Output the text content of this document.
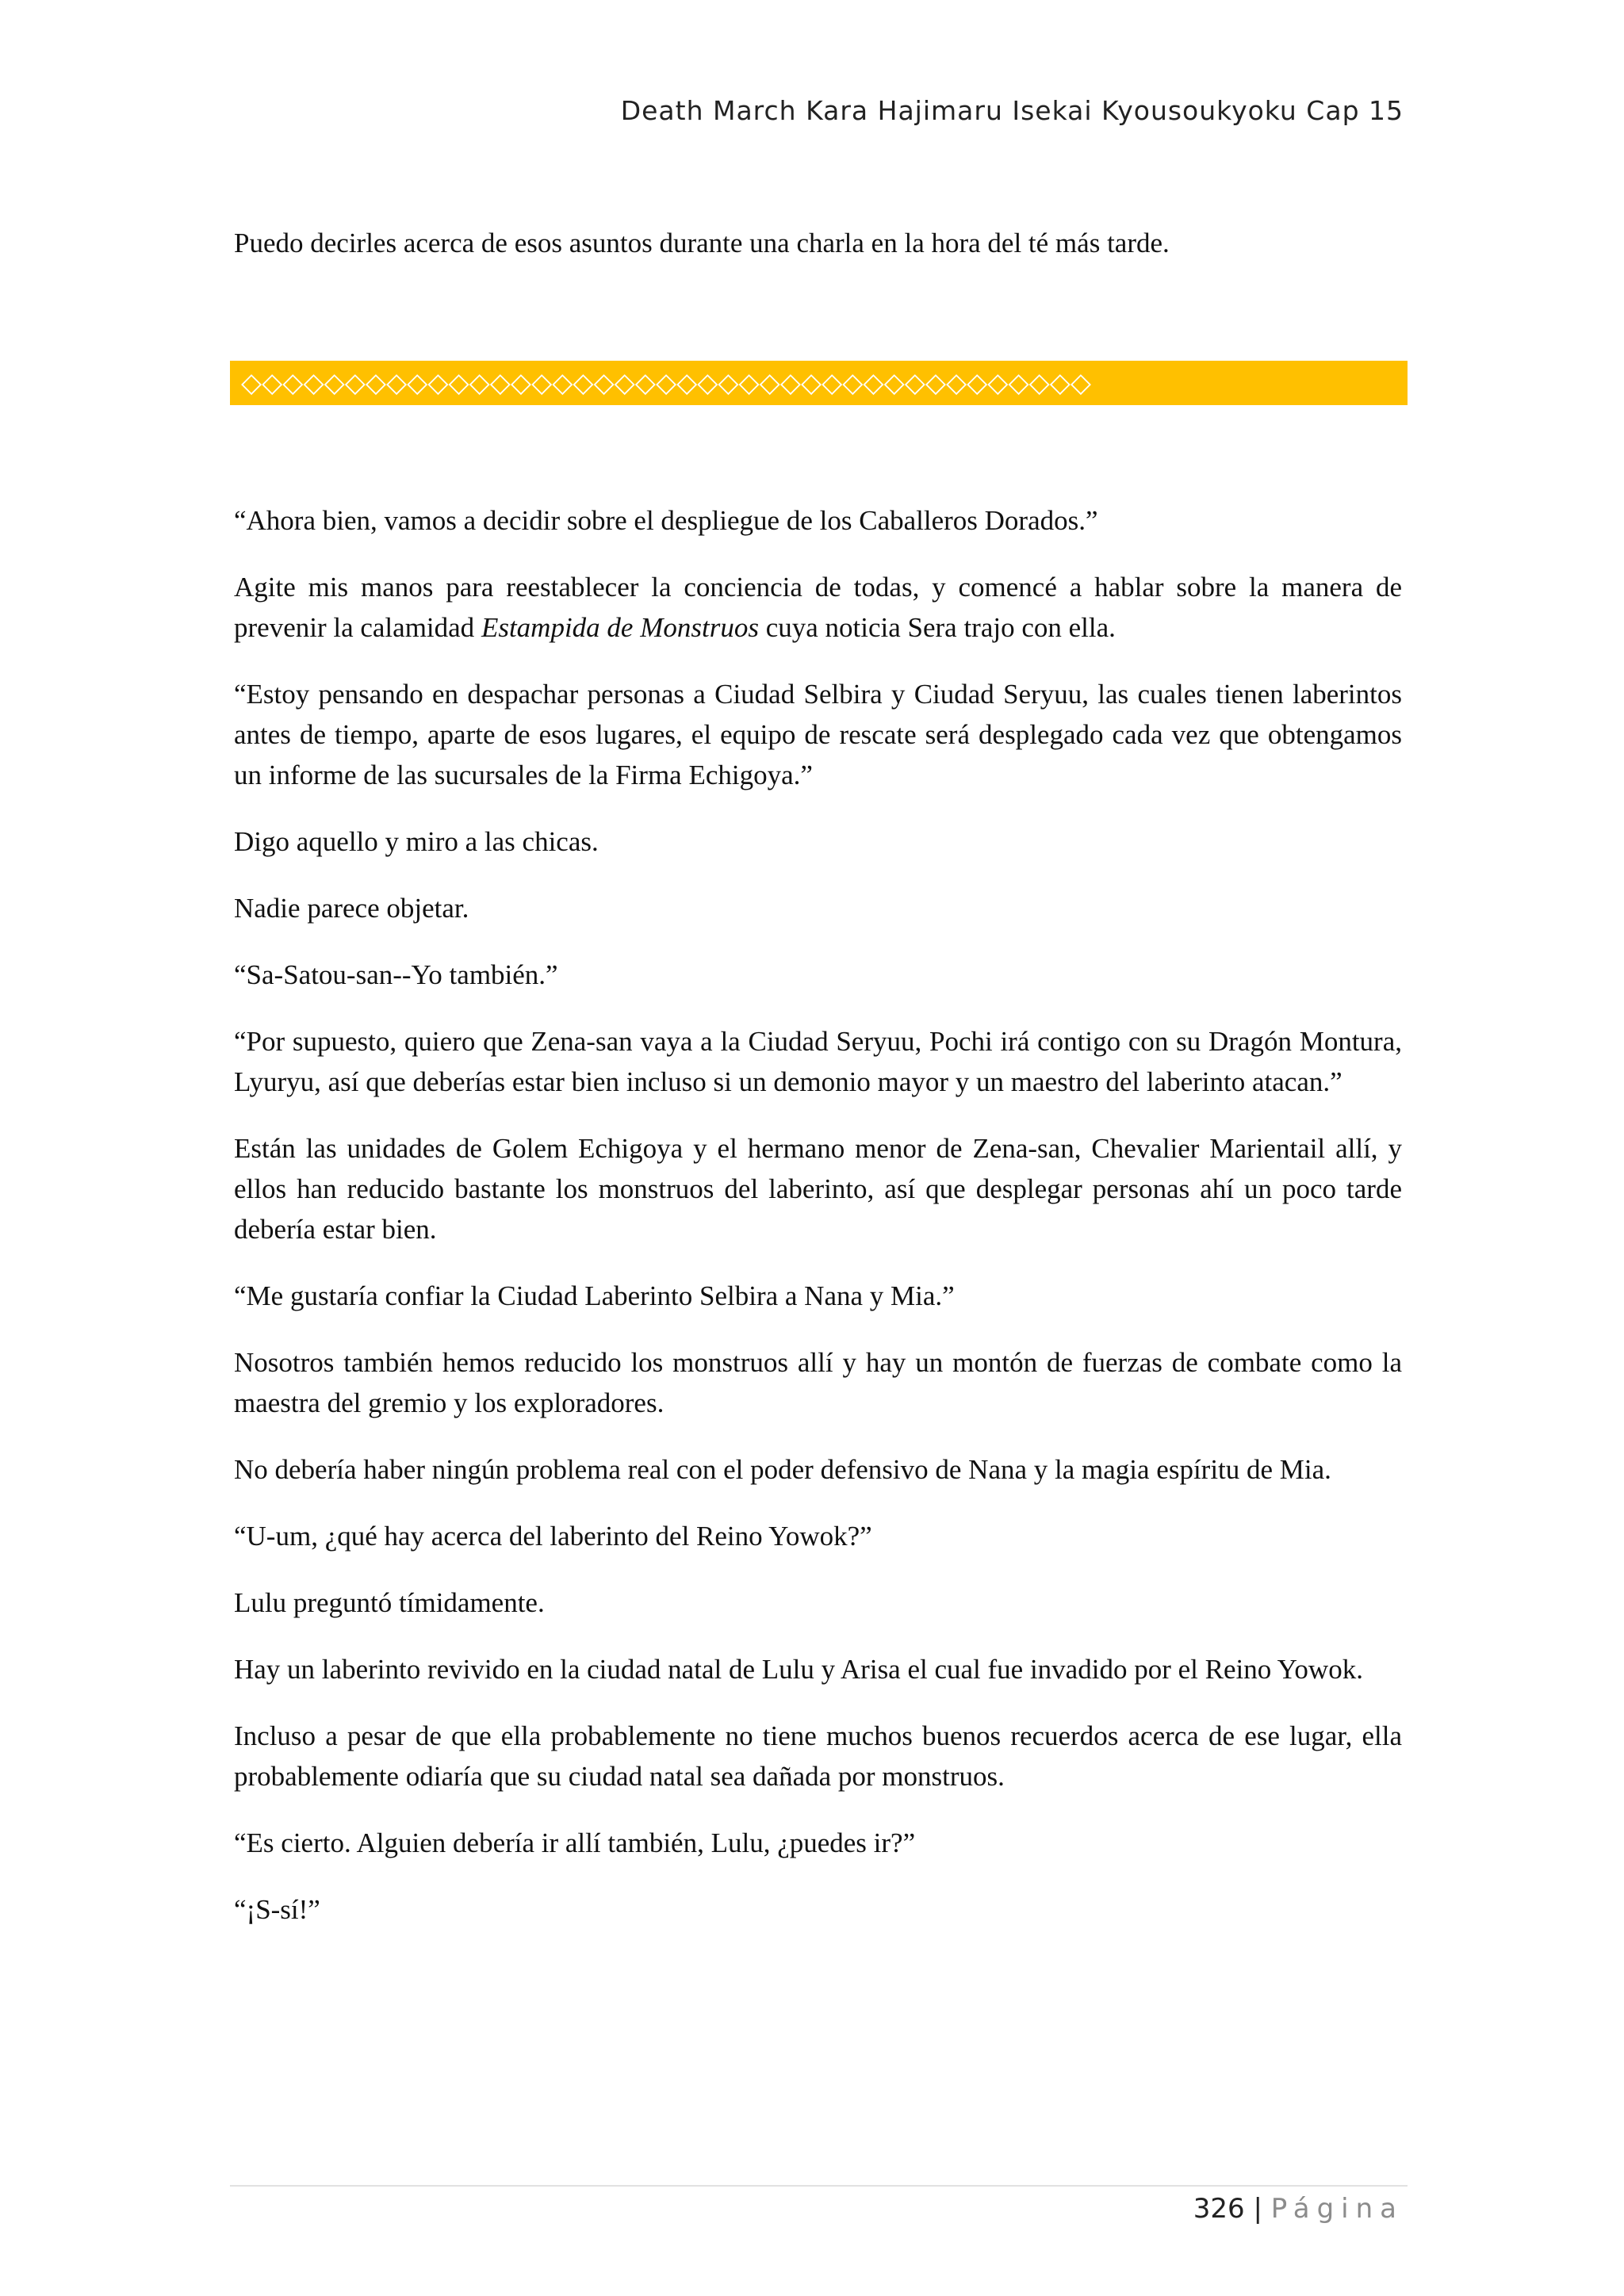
Death March Kara Hajimaru Isekai Kyousoukyoku Cap 15

Puedo decirles acerca de esos asuntos durante una charla en la hora del té más tarde.

◇◇◇◇◇◇◇◇◇◇◇◇◇◇◇◇◇◇◇◇◇◇◇◇◇◇◇◇◇◇◇◇◇◇◇◇◇◇◇◇◇

“Ahora bien, vamos a decidir sobre el despliegue de los Caballeros Dorados.”

Agite mis manos para reestablecer la conciencia de todas, y comencé a hablar sobre la manera de prevenir la calamidad Estampida de Monstruos cuya noticia Sera trajo con ella.

“Estoy pensando en despachar personas a Ciudad Selbira y Ciudad Seryuu, las cuales tienen laberintos antes de tiempo, aparte de esos lugares, el equipo de rescate será desplegado cada vez que obtengamos un informe de las sucursales de la Firma Echigoya.”

Digo aquello y miro a las chicas.

Nadie parece objetar.

“Sa-Satou-san--Yo también.”

“Por supuesto, quiero que Zena-san vaya a la Ciudad Seryuu, Pochi irá contigo con su Dragón Montura, Lyuryu, así que deberías estar bien incluso si un demonio mayor y un maestro del laberinto atacan.”

Están las unidades de Golem Echigoya y el hermano menor de Zena-san, Chevalier Marientail allí, y ellos han reducido bastante los monstruos del laberinto, así que desplegar personas ahí un poco tarde debería estar bien.

“Me gustaría confiar la Ciudad Laberinto Selbira a Nana y Mia.”

Nosotros también hemos reducido los monstruos allí y hay un montón de fuerzas de combate como la maestra del gremio y los exploradores.

No debería haber ningún problema real con el poder defensivo de Nana y la magia espíritu de Mia.

“U-um, ¿qué hay acerca del laberinto del Reino Yowok?”

Lulu preguntó tímidamente.

Hay un laberinto revivido en la ciudad natal de Lulu y Arisa el cual fue invadido por el Reino Yowok.

Incluso a pesar de que ella probablemente no tiene muchos buenos recuerdos acerca de ese lugar, ella probablemente odiaría que su ciudad natal sea dañada por monstruos.

“Es cierto. Alguien debería ir allí también, Lulu, ¿puedes ir?”

“¡S-sí!”

326 | Página
